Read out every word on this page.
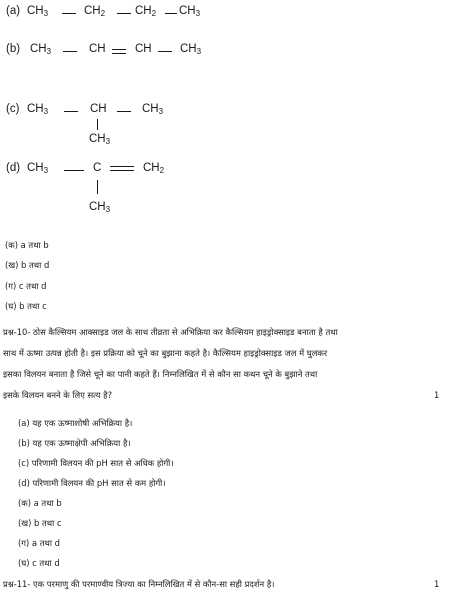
(a) $CH_3$	$CH_2$	$CH_2$ $CH_3$
(b) $CH_3$	CH	CH $CH_3$
(c) $CH_3$	CH	$CH_3$
$CH_3$
(d) $CH_3$	C	$CH_2$
$CH_3$
(क) a तथा b
(ख) b तथा d
(ग) c तथा d
(घ) b तथा c
प्रश्न-10- ठोस कैल्सियम आक्साइड जल के साथ तीव्रता से अभिक्रिया कर कैल्सियम हाइड्रोक्साइड बनाता है तथा
साथ में ऊष्मा उत्पन्न होती है। इस प्रक्रिया को चूने का बुझाना कहते है। कैल्सियम हाइड्रोक्साइड जल में घुलकर
इसका विलयन बनाता है जिसे चूने का पानी कहते हैं। निम्नलिखित में से कौन सा कथन चूने के बुझाने तथा
इसके विलयन बनने के लिए सत्य है?	1
(a) यह एक ऊष्माशोषी अभिक्रिया है।
(b) यह एक ऊष्माक्षेपी अभिक्रिया है।
(c) परिणामी विलयन की pH सात से अधिक होगी।
(d) परिणामी विलयन की pH सात से कम होगी।
(क) a तथा b
(ख) b तथा c
(ग) a तथा d
(घ) c तथा d
प्रश्न-11- एक परमाणु की परमाण्वीय त्रिज्या का निम्नलिखित में से कौन-सा सही प्रदर्शन है।	1
